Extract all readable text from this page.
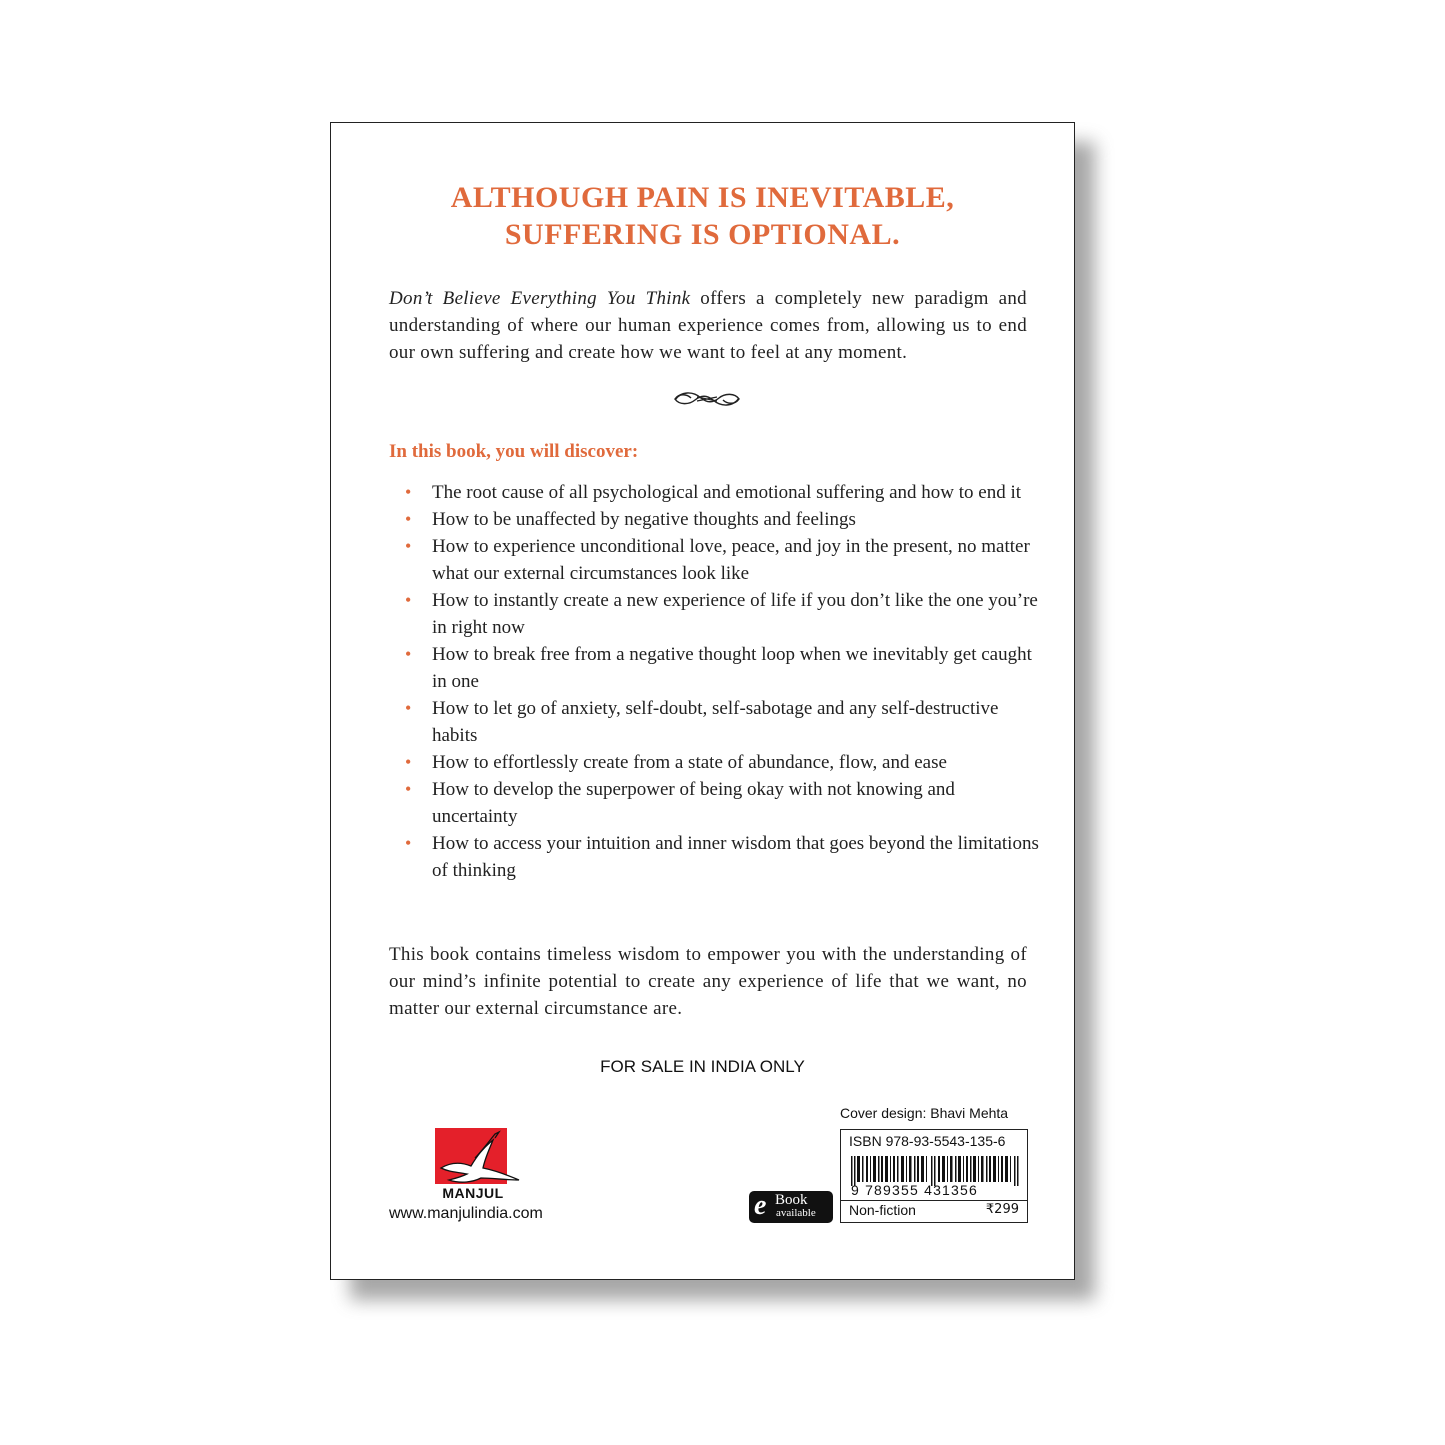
ALTHOUGH PAIN IS INEVITABLE,
SUFFERING IS OPTIONAL.
Don’t Believe Everything You Think offers a completely new paradigm and understanding of where our human experience comes from, allowing us to end our own suffering and create how we want to feel at any moment.
In this book, you will discover:
• The root cause of all psychological and emotional suffering and how to end it
• How to be unaffected by negative thoughts and feelings
• How to experience unconditional love, peace, and joy in the present, no matter what our external circumstances look like
• How to instantly create a new experience of life if you don’t like the one you’re in right now
• How to break free from a negative thought loop when we inevitably get caught in one
• How to let go of anxiety, self-doubt, self-sabotage and any self-destructive habits
• How to effortlessly create from a state of abundance, flow, and ease
• How to develop the superpower of being okay with not knowing and uncertainty
• How to access your intuition and inner wisdom that goes beyond the limitations of thinking
This book contains timeless wisdom to empower you with the understanding of our mind’s infinite potential to create any experience of life that we want, no matter our external circumstance are.
FOR SALE IN INDIA ONLY
MANJUL
www.manjulindia.com	e Book
available
Cover design: Bhavi Mehta
ISBN 978-93-5543-135-6
9 789355 431356
Non-fiction	₹299
